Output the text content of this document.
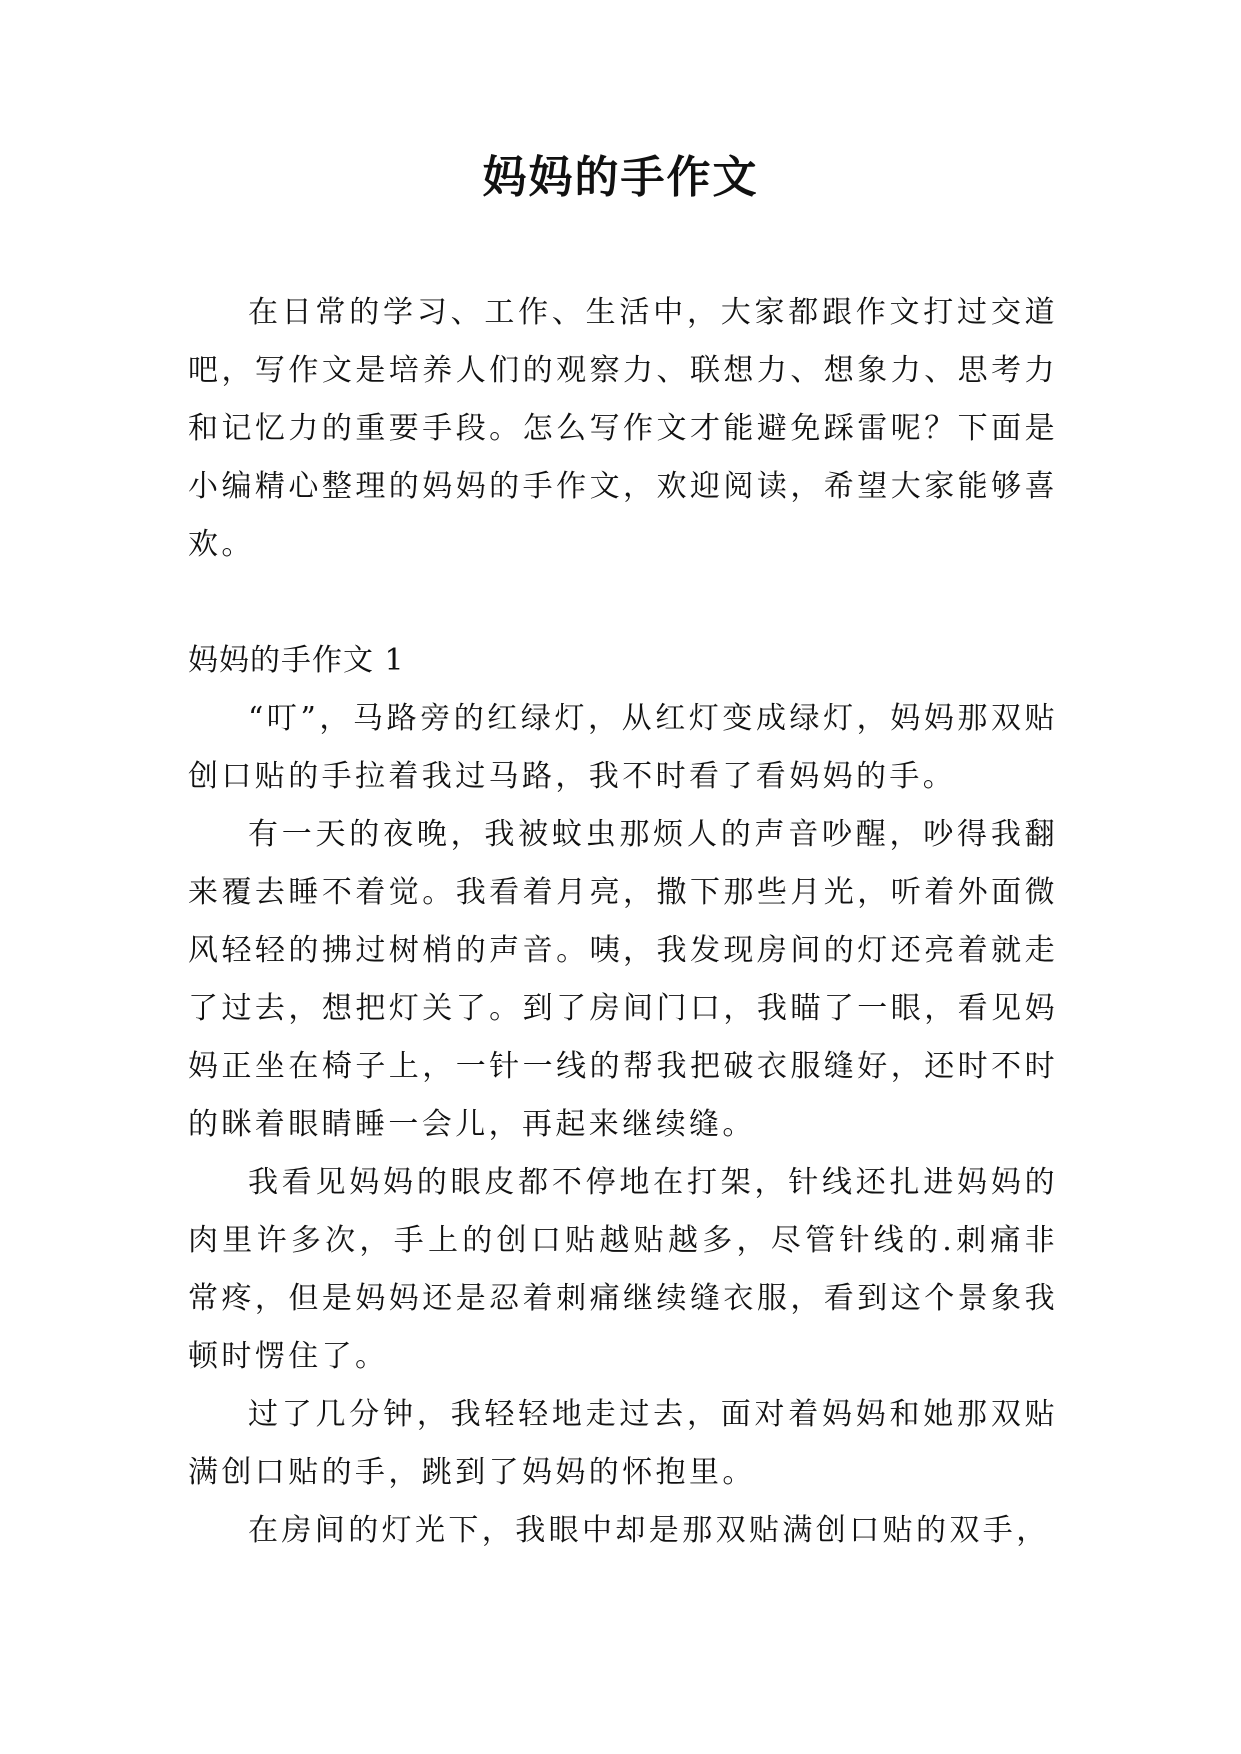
妈妈的手作文

在日常的学习、工作、生活中，大家都跟作文打过交道吧，写作文是培养人们的观察力、联想力、想象力、思考力和记忆力的重要手段。怎么写作文才能避免踩雷呢？下面是小编精心整理的妈妈的手作文，欢迎阅读，希望大家能够喜欢。

妈妈的手作文 1

“叮”，马路旁的红绿灯，从红灯变成绿灯，妈妈那双贴创口贴的手拉着我过马路，我不时看了看妈妈的手。

有一天的夜晚，我被蚊虫那烦人的声音吵醒，吵得我翻来覆去睡不着觉。我看着月亮，撒下那些月光，听着外面微风轻轻的拂过树梢的声音。咦，我发现房间的灯还亮着就走了过去，想把灯关了。到了房间门口，我瞄了一眼，看见妈妈正坐在椅子上，一针一线的帮我把破衣服缝好，还时不时的眯着眼睛睡一会儿，再起来继续缝。

我看见妈妈的眼皮都不停地在打架，针线还扎进妈妈的肉里许多次，手上的创口贴越贴越多，尽管针线的.刺痛非常疼，但是妈妈还是忍着刺痛继续缝衣服，看到这个景象我顿时愣住了。

过了几分钟，我轻轻地走过去，面对着妈妈和她那双贴满创口贴的手，跳到了妈妈的怀抱里。

在房间的灯光下，我眼中却是那双贴满创口贴的双手，
